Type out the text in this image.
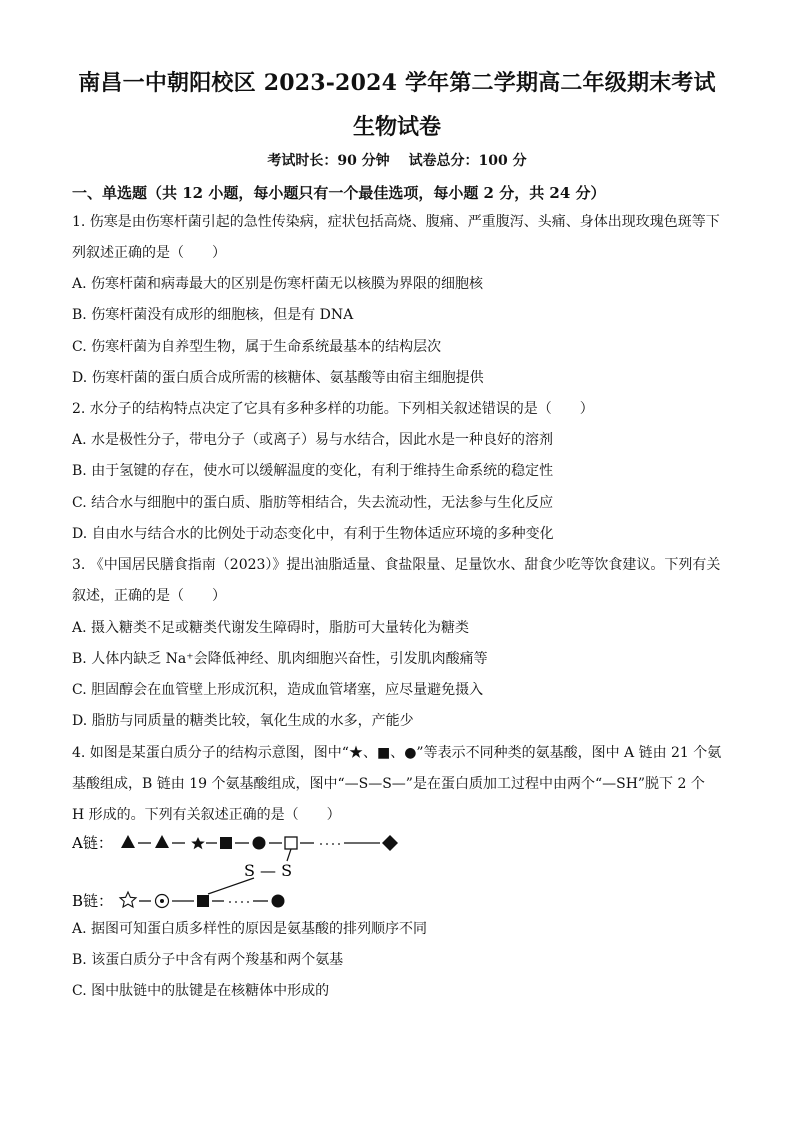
南昌一中朝阳校区 2023-2024 学年第二学期高二年级期末考试
生物试卷
考试时长：90 分钟 试卷总分：100 分
一、单选题（共 12 小题，每小题只有一个最佳选项，每小题 2 分，共 24 分）
1. 伤寒是由伤寒杆菌引起的急性传染病，症状包括高烧、腹痛、严重腹泻、头痛、身体出现玫瑰色斑等下
列叙述正确的是（　　）
A. 伤寒杆菌和病毒最大的区别是伤寒杆菌无以核膜为界限的细胞核
B. 伤寒杆菌没有成形的细胞核，但是有 DNA
C. 伤寒杆菌为自养型生物，属于生命系统最基本的结构层次
D. 伤寒杆菌的蛋白质合成所需的核糖体、氨基酸等由宿主细胞提供
2. 水分子的结构特点决定了它具有多种多样的功能。下列相关叙述错误的是（　　）
A. 水是极性分子，带电分子（或离子）易与水结合，因此水是一种良好的溶剂
B. 由于氢键的存在，使水可以缓解温度的变化，有利于维持生命系统的稳定性
C. 结合水与细胞中的蛋白质、脂肪等相结合，失去流动性，无法参与生化反应
D. 自由水与结合水的比例处于动态变化中，有利于生物体适应环境的多种变化
3. 《中国居民膳食指南（2023）》提出油脂适量、食盐限量、足量饮水、甜食少吃等饮食建议。下列有关
叙述，正确的是（　　）
A. 摄入糖类不足或糖类代谢发生障碍时，脂肪可大量转化为糖类
B. 人体内缺乏 Na⁺会降低神经、肌肉细胞兴奋性，引发肌肉酸痛等
C. 胆固醇会在血管壁上形成沉积，造成血管堵塞，应尽量避免摄入
D. 脂肪与同质量的糖类比较，氧化生成的水多，产能少
4. 如图是某蛋白质分子的结构示意图，图中“★、■、●”等表示不同种类的氨基酸，图中 A 链由 21 个氨
基酸组成，B 链由 19 个氨基酸组成，图中“—S—S—”是在蛋白质加工过程中由两个“—SH”脱下 2 个
H 形成的。下列有关叙述正确的是（　　）
A链：
S — S
B链：
A. 据图可知蛋白质多样性的原因是氨基酸的排列顺序不同
B. 该蛋白质分子中含有两个羧基和两个氨基
C. 图中肽链中的肽键是在核糖体中形成的
